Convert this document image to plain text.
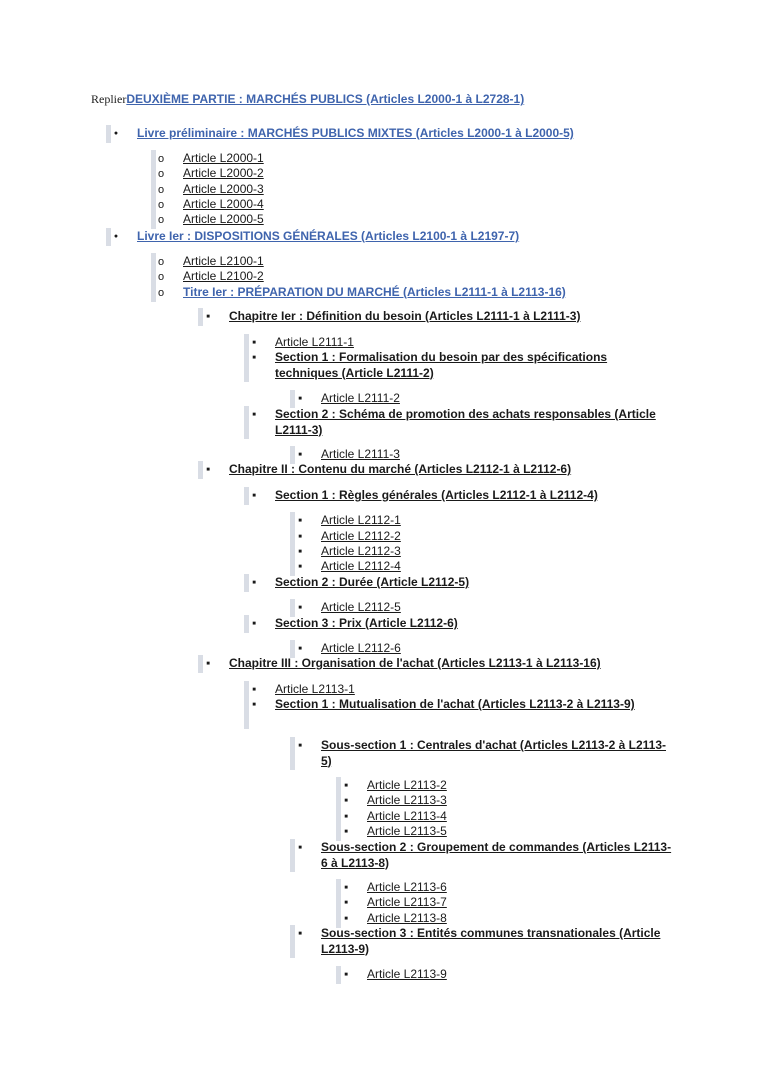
ReplierDEUXIÈME PARTIE : MARCHÉS PUBLICS (Articles L2000-1 à L2728-1)
●
Livre préliminaire : MARCHÉS PUBLICS MIXTES (Articles L2000-1 à L2000-5)
o
Article L2000-1
o
Article L2000-2
o
Article L2000-3
o
Article L2000-4
o
Article L2000-5
●
Livre Ier : DISPOSITIONS GÉNÉRALES (Articles L2100-1 à L2197-7)
o
Article L2100-1
o
Article L2100-2
o
Titre Ier : PRÉPARATION DU MARCHÉ (Articles L2111-1 à L2113-16)
■
Chapitre Ier : Définition du besoin (Articles L2111-1 à L2111-3)
■
Article L2111-1
■
Section 1 : Formalisation du besoin par des spécifications techniques (Article L2111-2)
■
Article L2111-2
■
Section 2 : Schéma de promotion des achats responsables (Article L2111-3)
■
Article L2111-3
■
Chapitre II : Contenu du marché (Articles L2112-1 à L2112-6)
■
Section 1 : Règles générales (Articles L2112-1 à L2112-4)
■
Article L2112-1
■
Article L2112-2
■
Article L2112-3
■
Article L2112-4
■
Section 2 : Durée (Article L2112-5)
■
Article L2112-5
■
Section 3 : Prix (Article L2112-6)
■
Article L2112-6
■
Chapitre III : Organisation de l'achat (Articles L2113-1 à L2113-16)
■
Article L2113-1
■
Section 1 : Mutualisation de l'achat (Articles L2113-2 à L2113-9)
■
Sous-section 1 : Centrales d'achat (Articles L2113-2 à L2113-5)
■
Article L2113-2
■
Article L2113-3
■
Article L2113-4
■
Article L2113-5
■
Sous-section 2 : Groupement de commandes (Articles L2113-6 à L2113-8)
■
Article L2113-6
■
Article L2113-7
■
Article L2113-8
■
Sous-section 3 : Entités communes transnationales (Article L2113-9)
■
Article L2113-9
